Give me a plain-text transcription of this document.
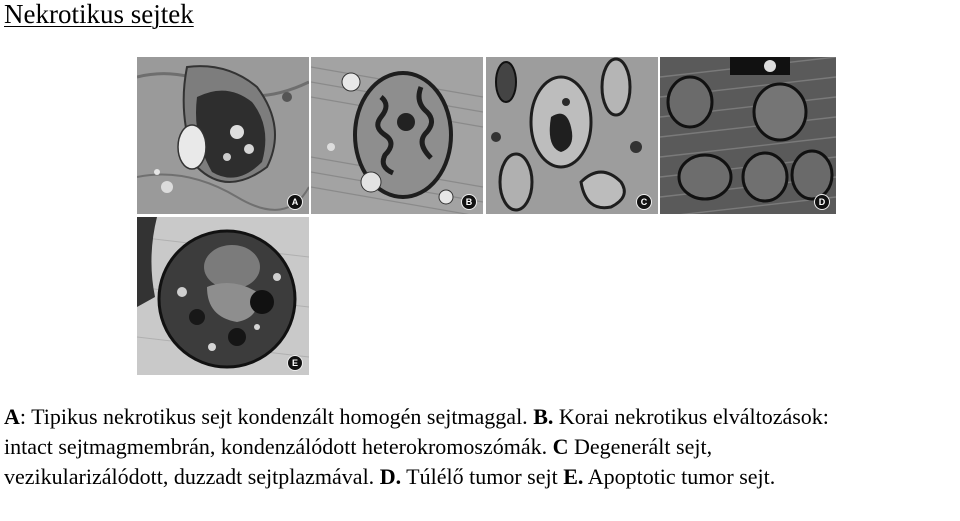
Nekrotikus sejtek
A	B	C	D
E
A: Tipikus nekrotikus sejt kondenzált homogén sejtmaggal. B. Korai nekrotikus elváltozások:
intact sejtmagmembrán, kondenzálódott heterokromoszómák. C Degenerált sejt,
vezikularizálódott, duzzadt sejtplazmával. D. Túlélő tumor sejt E. Apoptotic tumor sejt.
